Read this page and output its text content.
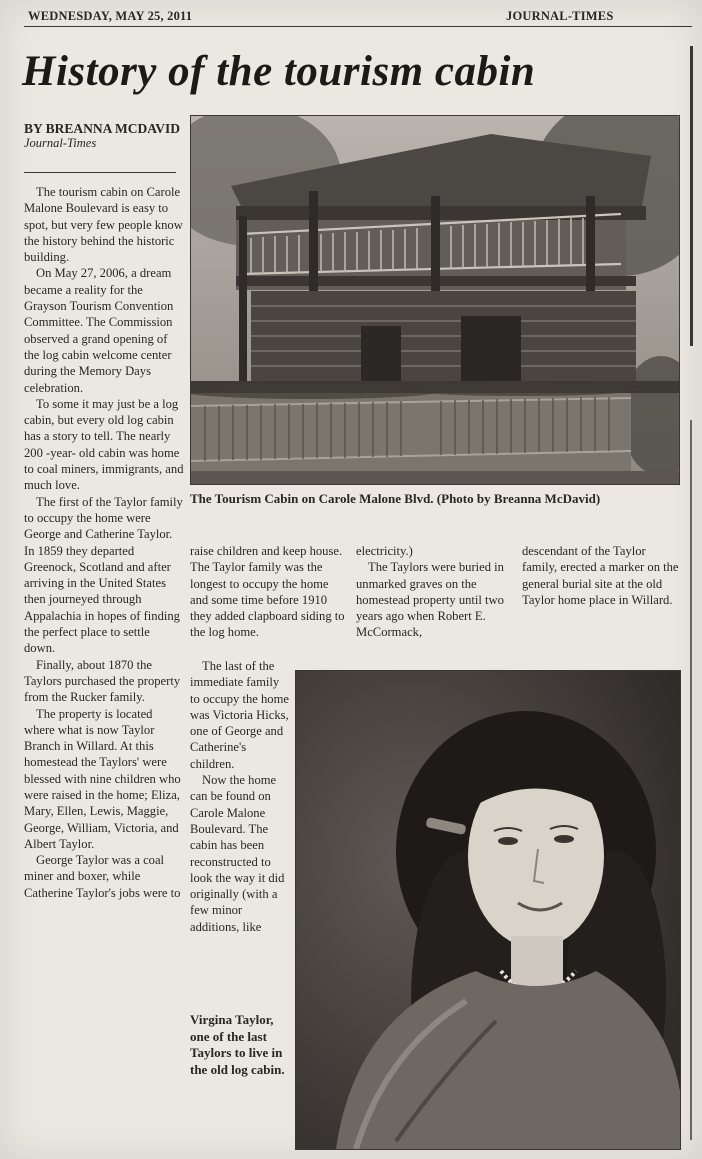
WEDNESDAY, MAY 25, 2011	JOURNAL-TIMES
History of the tourism cabin
BY BREANNA MCDAVID
Journal-Times

The tourism cabin on Carole Malone Boulevard is easy to spot, but very few people know the history behind the historic building.

On May 27, 2006, a dream became a reality for the Grayson Tourism Convention Committee. The Commission observed a grand opening of the log cabin welcome center during the Memory Days celebration.

To some it may just be a log cabin, but every old log cabin has a story to tell. The nearly 200 -year- old cabin was home to coal miners, immigrants, and much love.

The first of the Taylor family to occupy the home were George and Catherine Taylor. In 1859 they departed Greenock, Scotland and after arriving in the United States then journeyed through Appalachia in hopes of finding the perfect place to settle down.

Finally, about 1870 the Taylors purchased the property from the Rucker family.

The property is located where what is now Taylor Branch in Willard. At this homestead the Taylors' were blessed with nine children who were raised in the home; Eliza, Mary, Ellen, Lewis, Maggie, George, William, Victoria, and Albert Taylor.

George Taylor was a coal miner and boxer, while Catherine Taylor's jobs were to

The Tourism Cabin on Carole Malone Blvd. (Photo by Breanna McDavid)

raise children and keep house. The Taylor family was the longest to occupy the home and some time before 1910 they added clapboard siding to the log home.

The last of the immediate family to occupy the home was Victoria Hicks, one of George and Catherine's children.

Now the home can be found on Carole Malone Boulevard. The cabin has been reconstructed to look the way it did originally (with a few minor additions, like

electricity.)

The Taylors were buried in unmarked graves on the homestead property until two years ago when Robert E. McCormack,

descendant of the Taylor family, erected a marker on the general burial site at the old Taylor home place in Willard.

Virgina Taylor, one of the last Taylors to live in the old log cabin.
